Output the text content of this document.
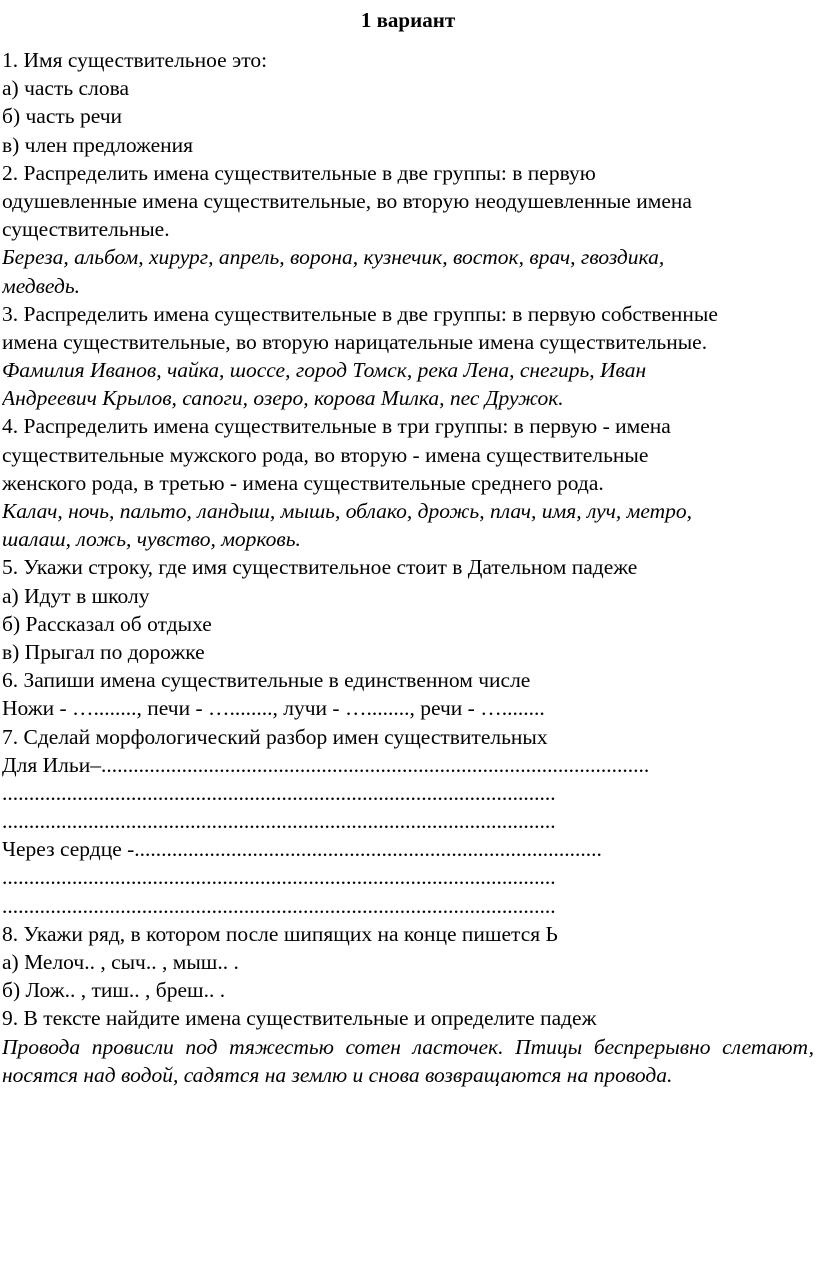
1 вариант
1. Имя существительное это:
а) часть слова
б) часть речи
в) член предложения
2. Распределить имена существительные в две группы: в первую
одушевленные имена существительные, во вторую неодушевленные имена
существительные.
Береза, альбом, хирург, апрель, ворона, кузнечик, восток, врач, гвоздика,
медведь.
3. Распределить имена существительные в две группы: в первую собственные
имена существительные, во вторую нарицательные имена существительные.
Фамилия Иванов, чайка, шоссе, город Томск, река Лена, снегирь, Иван
Андреевич Крылов, сапоги, озеро, корова Милка, пес Дружок.
4. Распределить имена существительные в три группы: в первую - имена
существительные мужского рода, во вторую - имена существительные
женского рода, в третью - имена существительные среднего рода.
Калач, ночь, пальто, ландыш, мышь, облако, дрожь, плач, имя, луч, метро,
шалаш, ложь, чувство, морковь.
5. Укажи строку, где имя существительное стоит в Дательном падеже
а) Идут в школу
б) Рассказал об отдыхе
в) Прыгал по дорожке
6. Запиши имена существительные в единственном числе
Ножи - …........, печи - …........, лучи - …........, речи - …........
7. Сделай морфологический разбор имен существительных
Для Ильи–......................................................................................................
.......................................................................................................
.......................................................................................................
Через сердце -.......................................................................................
.......................................................................................................
.......................................................................................................
8. Укажи ряд, в котором после шипящих на конце пишется Ь
а) Мелоч.. , сыч.. , мыш.. .
б) Лож.. , тиш.. , бреш.. .
9. В тексте найдите имена существительные и определите падеж
Провода провисли под тяжестью сотен ласточек. Птицы беспрерывно слетают, носятся над водой, садятся на землю и снова возвращаются на провода.
